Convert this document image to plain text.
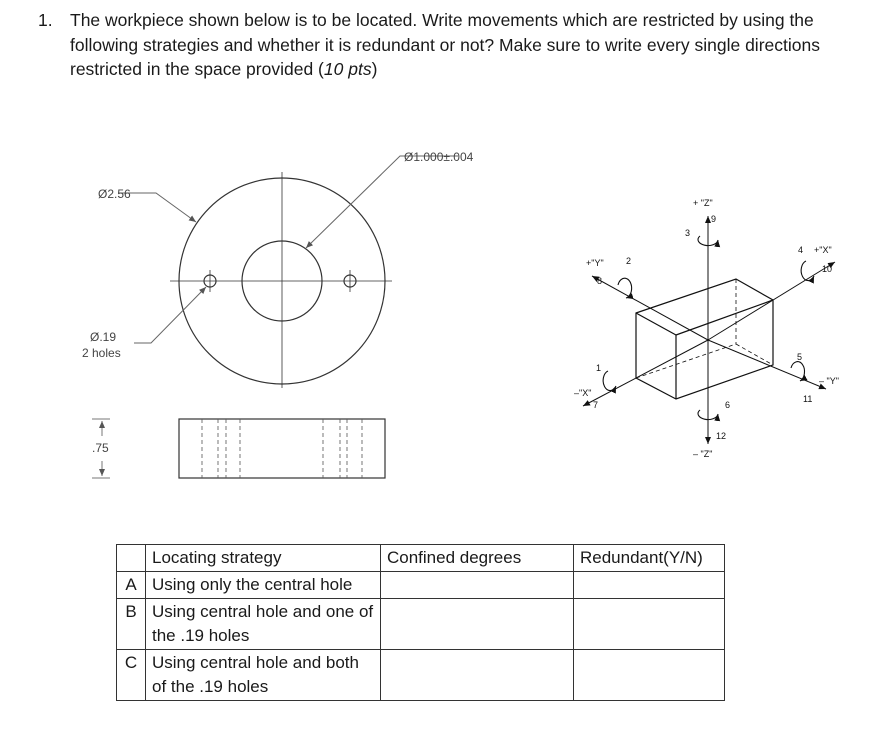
1. The workpiece shown below is to be located. Write movements which are restricted by using the following strategies and whether it is redundant or not? Make sure to write every single directions restricted in the space provided (10 pts)
Ø1.000±.004
Ø2.56
Ø.19
2 holes
.75
+ "Z"
– "Z"
+"Y"
– "Y"
+"X"
–"X"
1
2
3
4
5
6
7
8
9
10
11
12
	Locating strategy	Confined degrees	Redundant(Y/N)
A	Using only the central hole		
B	Using central hole and one of the .19 holes		
C	Using central hole and both of the .19 holes		
